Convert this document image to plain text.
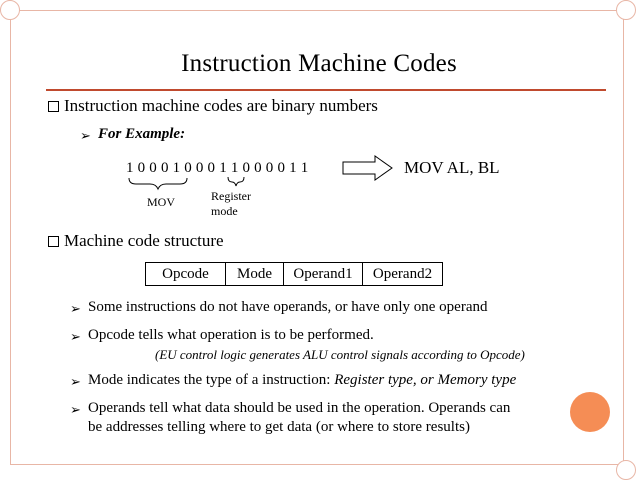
Instruction Machine Codes
Instruction machine codes are binary numbers
➢ For Example:
1 0 0 0 1 0 0 0 1 1 0 0 0 0 1 1	MOV AL, BL
MOV	Register
mode
Machine code structure
Opcode	Mode	Operand1	Operand2
➢ Some instructions do not have operands, or have only one operand
➢ Opcode tells what operation is to be performed.
(EU control logic generates ALU control signals according to Opcode)
➢ Mode indicates the type of a instruction: Register type, or Memory type
➢ Operands tell what data should be used in the operation. Operands can
be addresses telling where to get data (or where to store results)
